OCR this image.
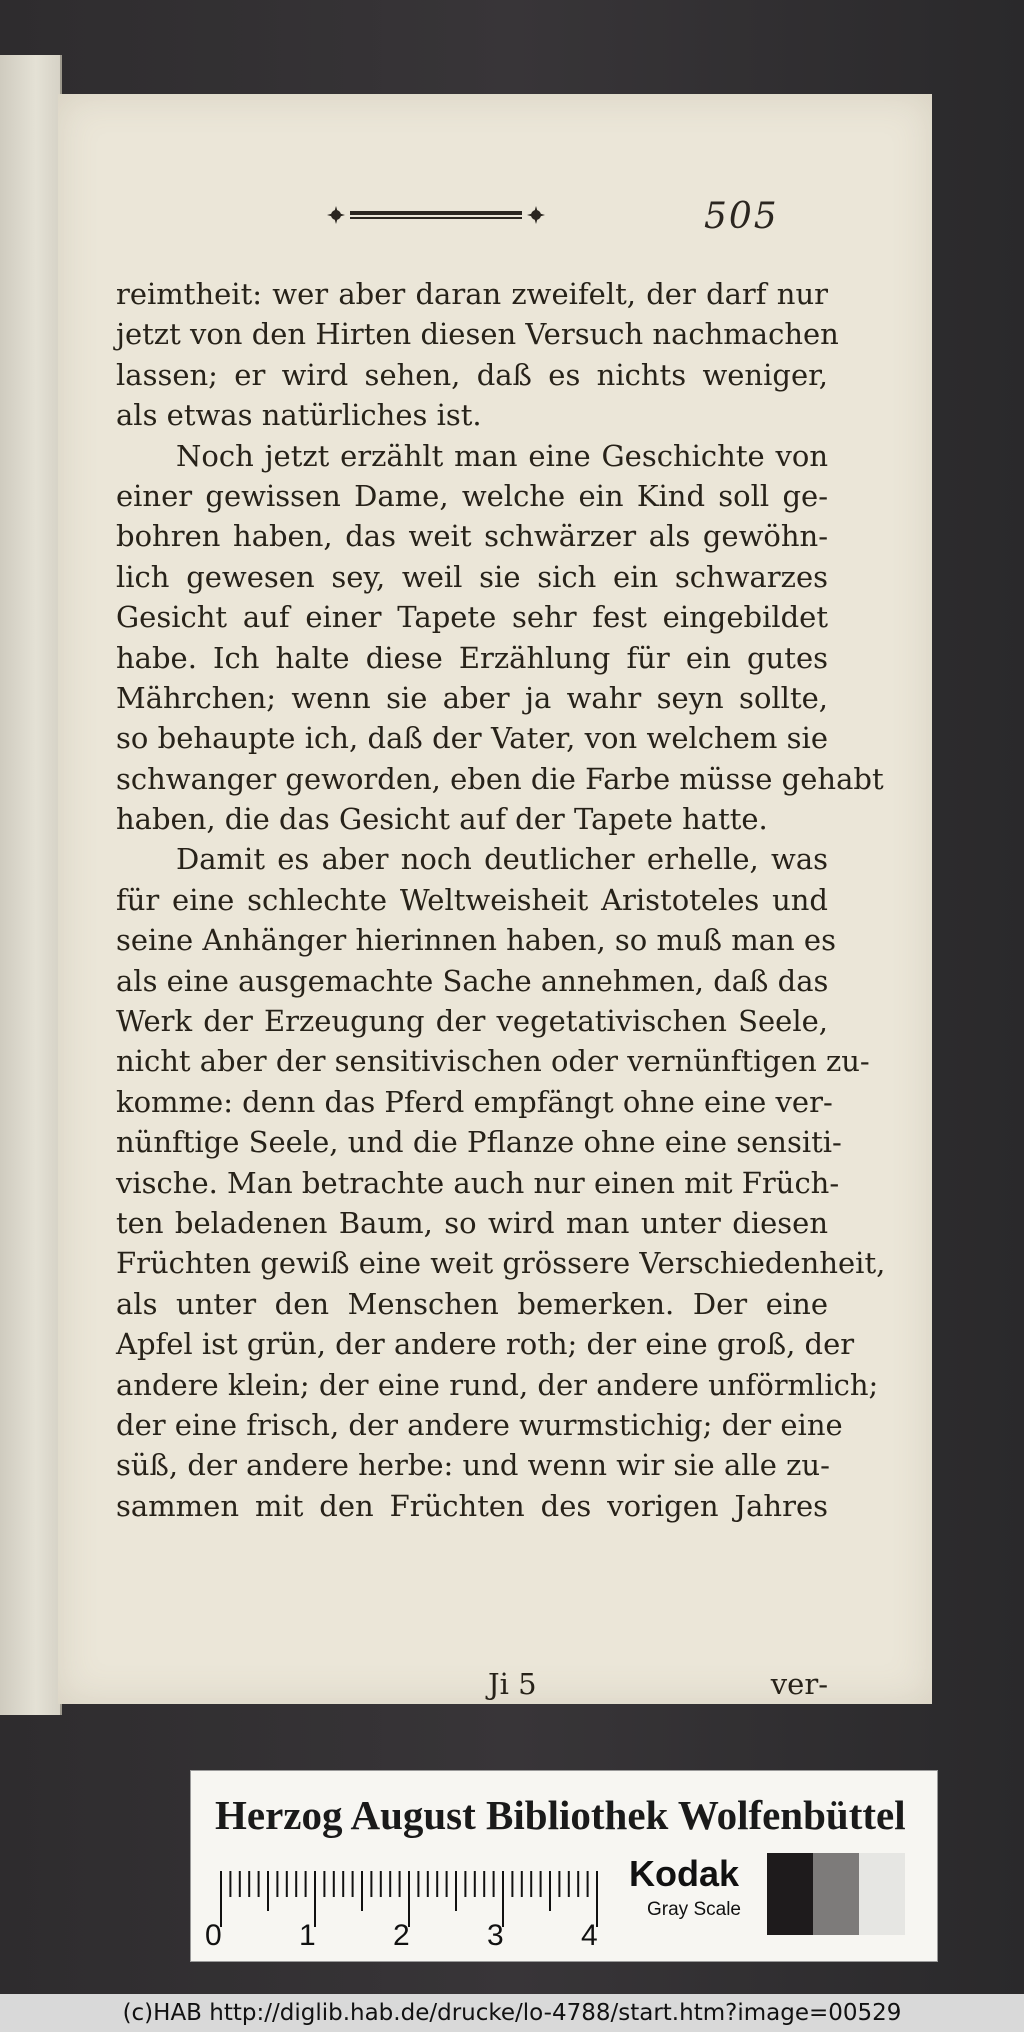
505
reimtheit: wer aber daran zweifelt, der darf nur
jetzt von den Hirten diesen Versuch nachmachen
lassen; er wird sehen, daß es nichts weniger,
als etwas natürliches ist.
Noch jetzt erzählt man eine Geschichte von
einer gewissen Dame, welche ein Kind soll ge-
bohren haben, das weit schwärzer als gewöhn-
lich gewesen sey, weil sie sich ein schwarzes
Gesicht auf einer Tapete sehr fest eingebildet
habe. Ich halte diese Erzählung für ein gutes
Mährchen; wenn sie aber ja wahr seyn sollte,
so behaupte ich, daß der Vater, von welchem sie
schwanger geworden, eben die Farbe müsse gehabt
haben, die das Gesicht auf der Tapete hatte.
Damit es aber noch deutlicher erhelle, was
für eine schlechte Weltweisheit Aristoteles und
seine Anhänger hierinnen haben, so muß man es
als eine ausgemachte Sache annehmen, daß das
Werk der Erzeugung der vegetativischen Seele,
nicht aber der sensitivischen oder vernünftigen zu-
komme: denn das Pferd empfängt ohne eine ver-
nünftige Seele, und die Pflanze ohne eine sensiti-
vische. Man betrachte auch nur einen mit Früch-
ten beladenen Baum, so wird man unter diesen
Früchten gewiß eine weit grössere Verschiedenheit,
als unter den Menschen bemerken. Der eine
Apfel ist grün, der andere roth; der eine groß, der
andere klein; der eine rund, der andere unförmlich;
der eine frisch, der andere wurmstichig; der eine
süß, der andere herbe: und wenn wir sie alle zu-
sammen mit den Früchten des vorigen Jahres
Ji 5	ver-
Herzog August Bibliothek Wolfenbüttel
0	1	2	3	4
Kodak
Gray Scale
(c)HAB http://diglib.hab.de/drucke/lo-4788/start.htm?image=00529
